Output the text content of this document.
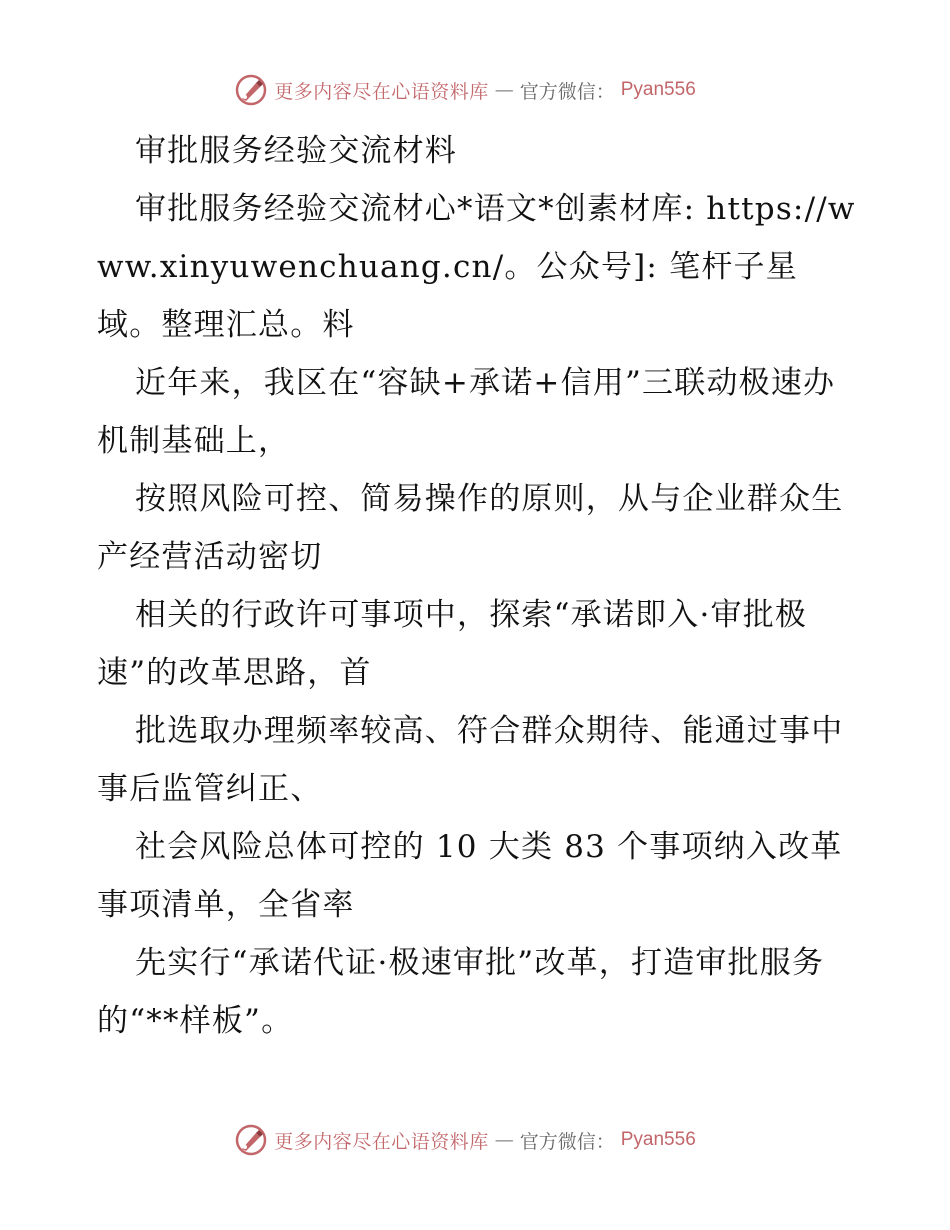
更多内容尽在心语资料库 — 官方微信： Pyan556

审批服务经验交流材料

审批服务经验交流材心*语文*创素材库: https://www.xinyuwenchuang.cn/。公众号]: 笔杆子星域。整理汇总。料

近年来，我区在“容缺+承诺+信用”三联动极速办机制基础上，

按照风险可控、简易操作的原则，从与企业群众生产经营活动密切

相关的行政许可事项中，探索“承诺即入·审批极速”的改革思路，首

批选取办理频率较高、符合群众期待、能通过事中事后监管纠正、

社会风险总体可控的 10 大类 83 个事项纳入改革事项清单，全省率

先实行“承诺代证·极速审批”改革，打造审批服务的“**样板”。

更多内容尽在心语资料库 — 官方微信： Pyan556
